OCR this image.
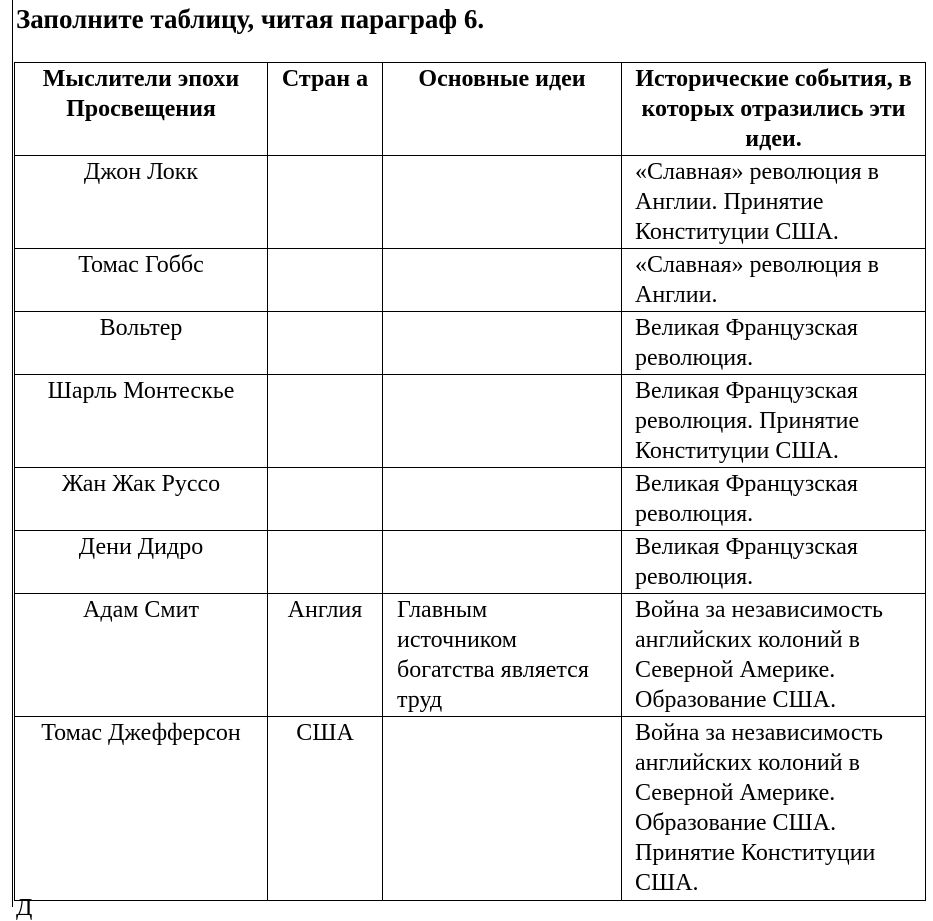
Заполните таблицу, читая параграф 6.
Мыслители эпохи Просвещения	Стран а	Основные идеи	Исторические события, в которых отразились эти идеи.
Джон Локк			«Славная» революция в Англии. Принятие Конституции США.
Томас Гоббс			«Славная» революция в Англии.
Вольтер			Великая Французская революция.
Шарль Монтескье			Великая Французская революция. Принятие Конституции США.
Жан Жак Руссо			Великая Французская революция.
Дени Дидро			Великая Французская революция.
Адам Смит	Англия	Главным источником богатства является труд	Война за независимость английских колоний в Северной Америке. Образование США.
Томас Джефферсон	США		Война за независимость английских колоний в Северной Америке. Образование США. Принятие Конституции США.
Д
